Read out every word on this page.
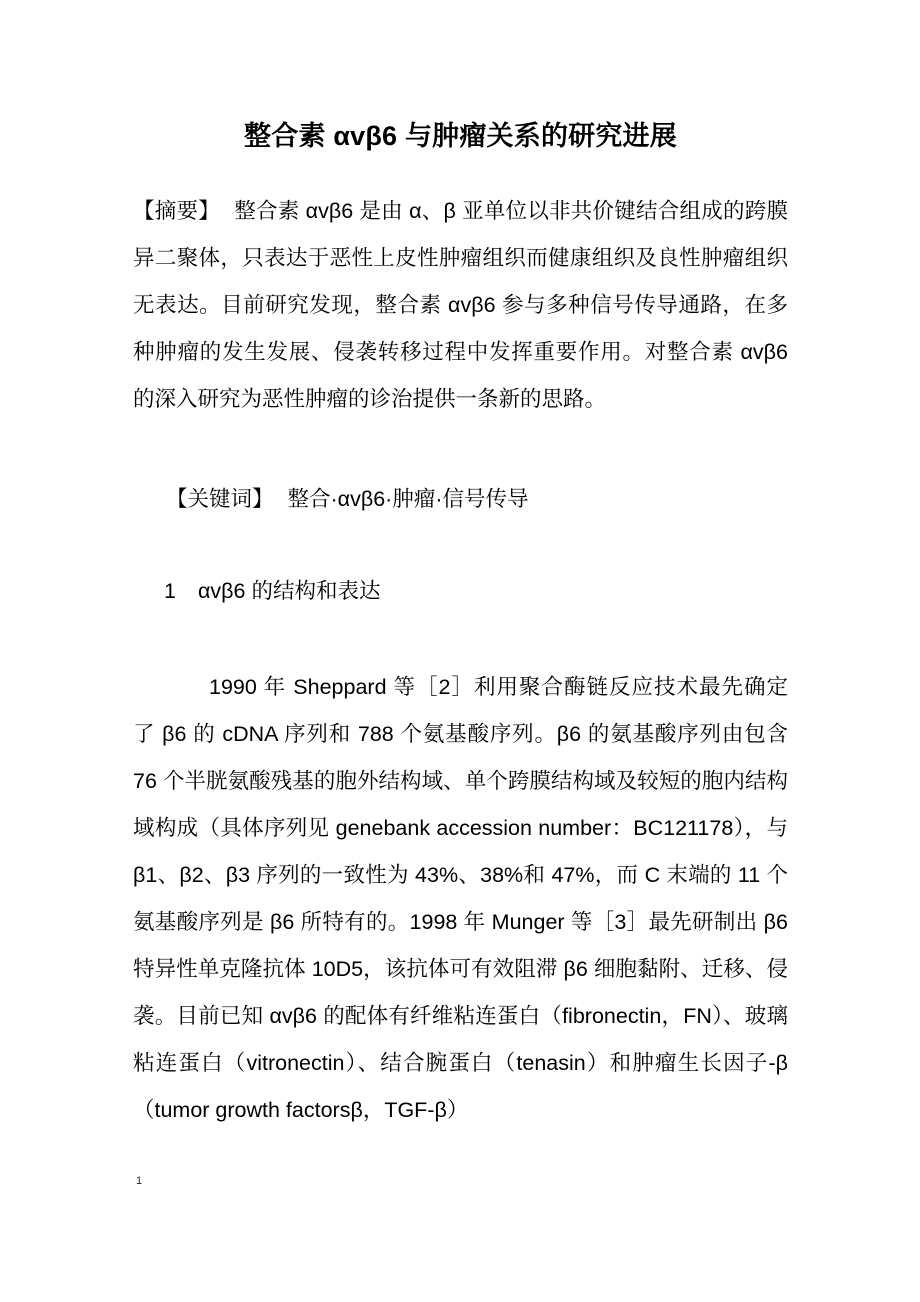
整合素 αvβ6 与肿瘤关系的研究进展

【摘要】 整合素 αvβ6 是由 α、β 亚单位以非共价键结合组成的跨膜异二聚体，只表达于恶性上皮性肿瘤组织而健康组织及良性肿瘤组织无表达。目前研究发现，整合素 αvβ6 参与多种信号传导通路，在多种肿瘤的发生发展、侵袭转移过程中发挥重要作用。对整合素 αvβ6 的深入研究为恶性肿瘤的诊治提供一条新的思路。

【关键词】 整合·αvβ6·肿瘤·信号传导

1 αvβ6 的结构和表达

1990 年 Sheppard 等［2］利用聚合酶链反应技术最先确定了 β6 的 cDNA 序列和 788 个氨基酸序列。β6 的氨基酸序列由包含 76 个半胱氨酸残基的胞外结构域、单个跨膜结构域及较短的胞内结构域构成（具体序列见 genebank accession number：BC121178），与 β1、β2、β3 序列的一致性为 43%、38%和 47%，而 C 末端的 11 个氨基酸序列是 β6 所特有的。1998 年 Munger 等［3］最先研制出 β6 特异性单克隆抗体 10D5，该抗体可有效阻滞 β6 细胞黏附、迁移、侵袭。目前已知 αvβ6 的配体有纤维粘连蛋白（fibronectin，FN）、玻璃粘连蛋白（vitronectin）、结合腕蛋白（tenasin）和肿瘤生长因子-β（tumor growth factorsβ，TGF-β）

1
